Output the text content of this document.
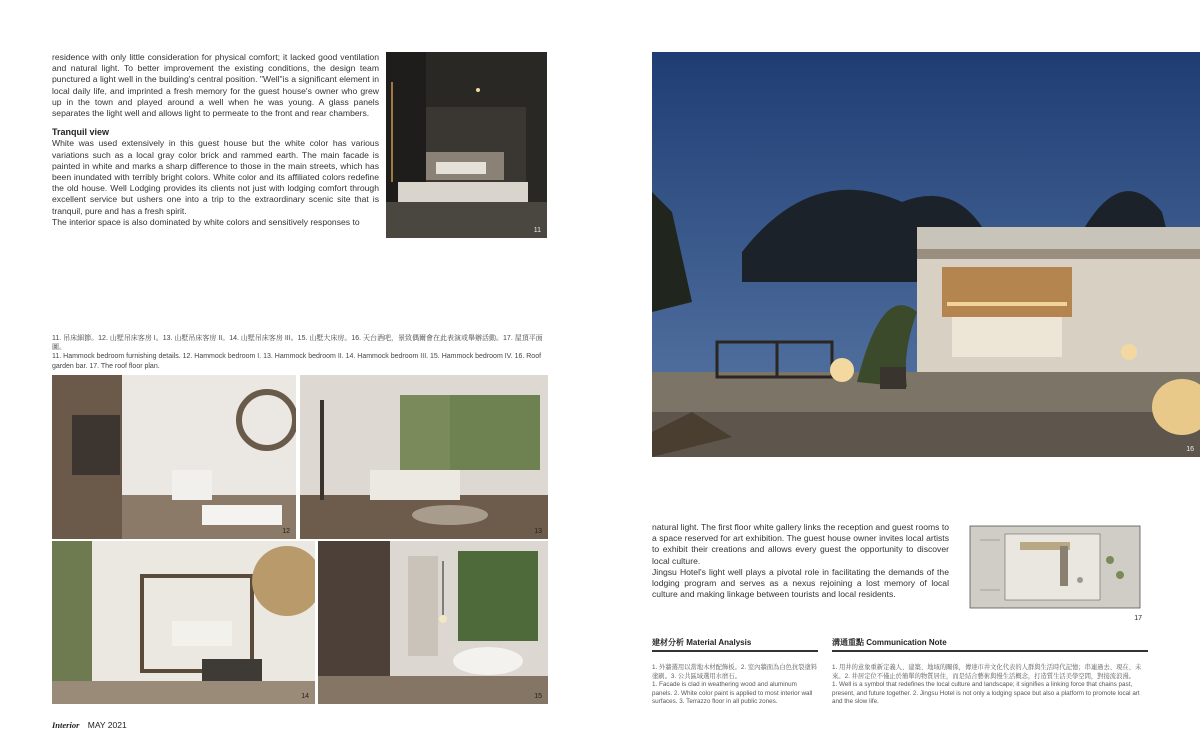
residence with only little consideration for physical comfort; it lacked good ventilation and natural light. To better improvement the existing conditions, the design team punctured a light well in the building's central position. "Well"is a significant element in local daily life, and imprinted a fresh memory for the guest house's owner who grew up in the town and played around a well when he was young. A glass panels separates the light well and allows light to permeate to the front and rear chambers.

Tranquil view

White was used extensively in this guest house but the white color has various variations such as a local gray color brick and rammed earth. The main facade is painted in white and marks a sharp difference to those in the main streets, which has been inundated with terribly bright colors. White color and its affiliated colors redefine the old house. Well Lodging provides its clients not just with lodging comfort through excellent service but ushers one into a trip to the extraordinary scenic site that is tranquil, pure and has a fresh spirit.

The interior space is also dominated by white colors and sensitively responses to

11
11. 吊床細節。12. 山墅吊床客房 I。13. 山墅吊床客房 II。14. 山墅吊床客房 III。15. 山墅大床房。16. 天台酒吧，景致偶爾會在此表演或舉辦活動。17. 屋頂平面圖。
11. Hammock bedroom furnishing details. 12. Hammock bedroom I. 13. Hammock bedroom II. 14. Hammock bedroom III. 15. Hammock bedroom IV. 16. Roof garden bar. 17. The roof floor plan.
12	13
14	15
Interior MAY 2021
16

natural light. The first floor white gallery links the reception and guest rooms to a space reserved for art exhibition. The guest house owner invites local artists to exhibit their creations and allows every guest the opportunity to discover local culture.

Jingsu Hotel's light well plays a pivotal role in facilitating the demands of the lodging program and serves as a nexus rejoining a lost memory of local culture and making linkage between tourists and local residents.

17
建材分析 Material Analysis
1. 外牆選用以當地木材配飾板。2. 室內牆面為白色抗裂塗料塗刷。3. 公共區域選用水磨石。
1. Facade is clad in weathering wood and aluminum panels. 2. White color paint is applied to most interior wall surfaces. 3. Terrazzo floor in all public zones.
溝通重點 Communication Note
1. 用井的意象重新定義人、建築、地域的關係，傳達市井文化代表的人群與生活時代記憶；串連過去、現在、未來。2. 井居定位不僅止於簡單的物質居住，而是結合藝術與慢生活概念，打造質生活美學空間，對接流浪漫。
1. Well is a symbol that redefines the local culture and landscape; it signifies a linking force that chains past, present, and future together. 2. Jingsu Hotel is not only a lodging space but also a platform to promote local art and the slow life.
